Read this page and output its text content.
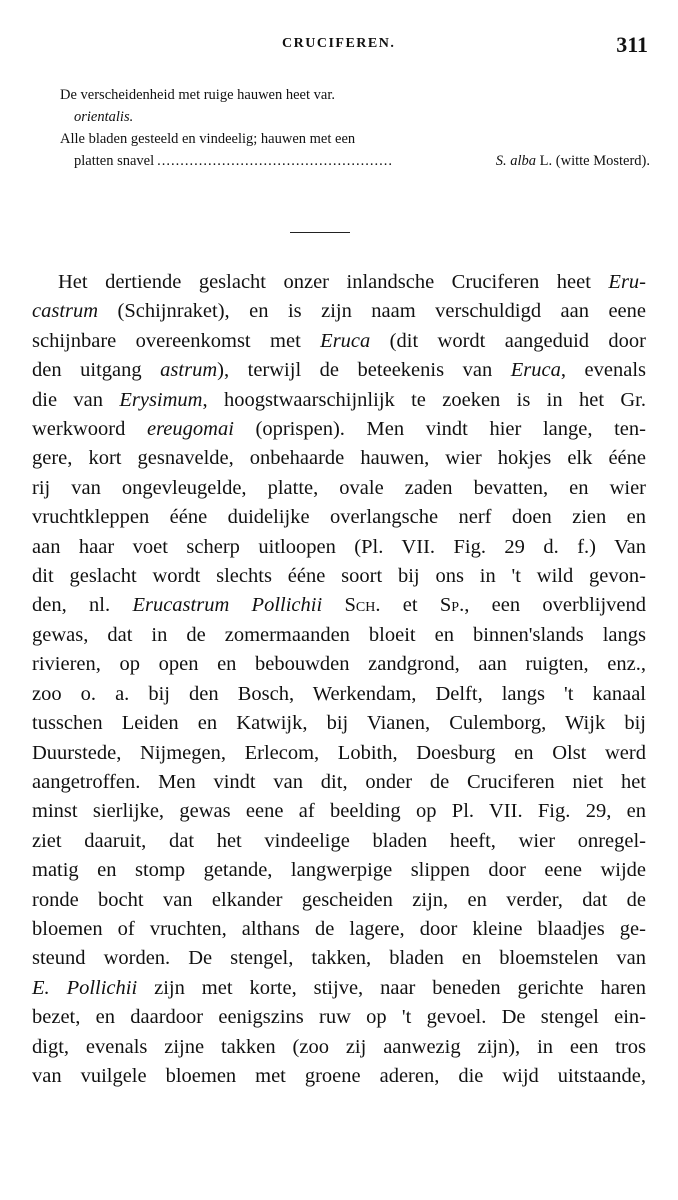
CRUCIFEREN.	311

De verscheidenheid met ruige hauwen heet var.

orientalis.

Alle bladen gesteeld en vindeelig; hauwen met een

platten snavel ...................................................	S. alba L. (witte Mosterd).

Het dertiende geslacht onzer inlandsche Cruciferen heet Eru-
castrum (Schijnraket), en is zijn naam verschuldigd aan eene
schijnbare overeenkomst met Eruca (dit wordt aangeduid door
den uitgang astrum), terwijl de beteekenis van Eruca, evenals
die van Erysimum, hoogstwaarschijnlijk te zoeken is in het Gr.
werkwoord ereugomai (oprispen). Men vindt hier lange, ten-
gere, kort gesnavelde, onbehaarde hauwen, wier hokjes elk ééne
rij van ongevleugelde, platte, ovale zaden bevatten, en wier
vruchtkleppen ééne duidelijke overlangsche nerf doen zien en
aan haar voet scherp uitloopen (Pl. VII. Fig. 29 d. f.) Van
dit geslacht wordt slechts éénе soort bij ons in 't wild gevon-
den, nl. Erucastrum Pollichii Sch. et Sp., een overblijvend
gewas, dat in de zomermaanden bloeit en binnen'slands langs
rivieren, op open en bebouwden zandgrond, aan ruigten, enz.,
zoo o. a. bij den Bosch, Werkendam, Delft, langs 't kanaal
tusschen Leiden en Katwijk, bij Vianen, Culemborg, Wijk bij
Duurstede, Nijmegen, Erlecom, Lobith, Doesburg en Olst werd
aangetroffen. Men vindt van dit, onder de Cruciferen niet het
minst sierlijke, gewas eene af beelding op Pl. VII. Fig. 29, en
ziet daaruit, dat het vindeelige bladen heeft, wier onregel-
matig en stomp getande, langwerpige slippen door eene wijde
ronde bocht van elkander gescheiden zijn, en verder, dat de
bloemen of vruchten, althans de lagere, door kleine blaadjes ge-
steund worden. De stengel, takken, bladen en bloemstelen van
E. Pollichii zijn met korte, stijve, naar beneden gerichte haren
bezet, en daardoor eenigszins ruw op 't gevoel. De stengel ein-
digt, evenals zijne takken (zoo zij aanwezig zijn), in een tros
van vuilgele bloemen met groene aderen, die wijd uitstaande,
